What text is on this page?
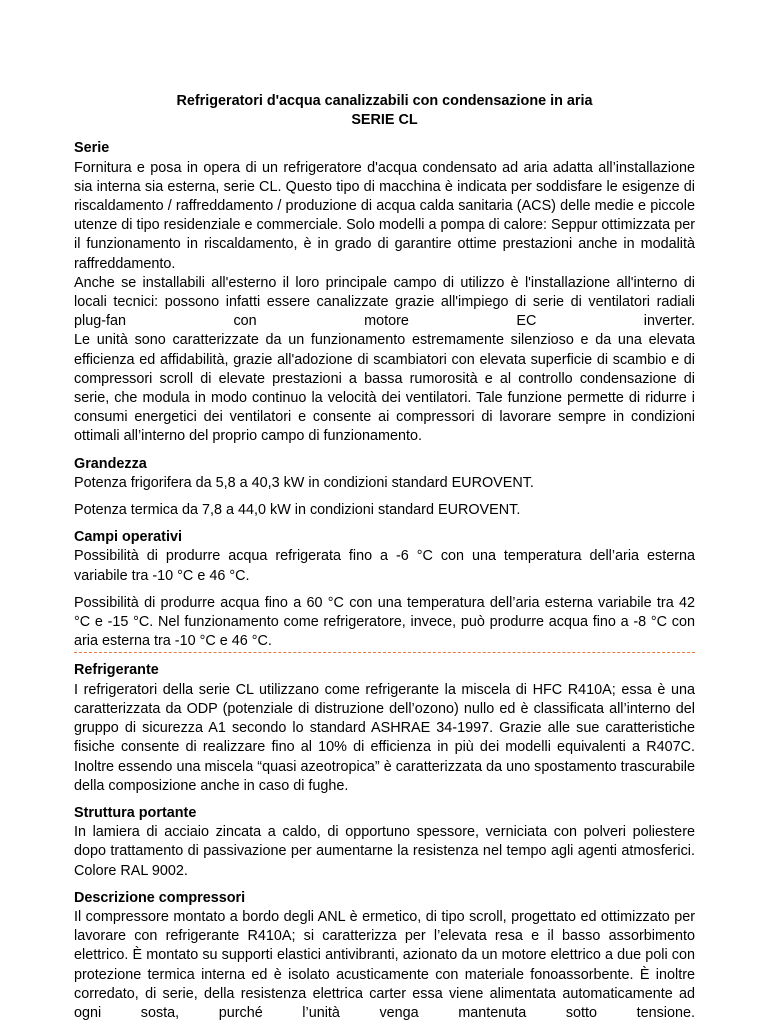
Refrigeratori d'acqua canalizzabili con condensazione in aria
SERIE CL
Serie

Fornitura e posa in opera di un refrigeratore d'acqua condensato ad aria adatta all’installazione sia interna sia esterna, serie CL. Questo tipo di macchina è indicata per soddisfare le esigenze di riscaldamento / raffreddamento / produzione di acqua calda sanitaria (ACS) delle medie e piccole utenze di tipo residenziale e commerciale. Solo modelli a pompa di calore: Seppur ottimizzata per il funzionamento in riscaldamento, è in grado di garantire ottime prestazioni anche in modalità raffreddamento.

Anche se installabili all'esterno il loro principale campo di utilizzo è l'installazione all'interno di locali tecnici: possono infatti essere canalizzate grazie all'impiego di serie di ventilatori radiali plug-fan con motore EC inverter.

Le unità sono caratterizzate da un funzionamento estremamente silenzioso e da una elevata efficienza ed affidabilità, grazie all'adozione di scambiatori con elevata superficie di scambio e di compressori scroll di elevate prestazioni a bassa rumorosità e al controllo condensazione di serie, che modula in modo continuo la velocità dei ventilatori. Tale funzione permette di ridurre i consumi energetici dei ventilatori e consente ai compressori di lavorare sempre in condizioni ottimali all’interno del proprio campo di funzionamento.

Grandezza

Potenza frigorifera da 5,8 a 40,3 kW in condizioni standard EUROVENT.

Potenza termica da 7,8 a 44,0 kW in condizioni standard EUROVENT.

Campi operativi

Possibilità di produrre acqua refrigerata fino a -6 °C con una temperatura dell’aria esterna variabile tra -10 °C e 46 °C.

Possibilità di produrre acqua fino a 60 °C con una temperatura dell’aria esterna variabile tra 42 °C e -15 °C. Nel funzionamento come refrigeratore, invece, può produrre acqua fino a -8 °C con aria esterna tra -10 °C e 46 °C.

Refrigerante

I refrigeratori della serie CL utilizzano come refrigerante la miscela di HFC R410A; essa è una caratterizzata da ODP (potenziale di distruzione dell’ozono) nullo ed è classificata all’interno del gruppo di sicurezza A1 secondo lo standard ASHRAE 34-1997. Grazie alle sue caratteristiche fisiche consente di realizzare fino al 10% di efficienza in più dei modelli equivalenti a R407C. Inoltre essendo una miscela “quasi azeotropica” è caratterizzata da uno spostamento trascurabile della composizione anche in caso di fughe.

Struttura portante

In lamiera di acciaio zincata a caldo, di opportuno spessore, verniciata con polveri poliestere dopo trattamento di passivazione per aumentarne la resistenza nel tempo agli agenti atmosferici. Colore RAL 9002.

Descrizione compressori

Il compressore montato a bordo degli ANL è ermetico, di tipo scroll, progettato ed ottimizzato per lavorare con refrigerante R410A; si caratterizza per l’elevata resa e il basso assorbimento elettrico. È montato su supporti elastici antivibranti, azionato da un motore elettrico a due poli con protezione termica interna ed è isolato acusticamente con materiale fonoassorbente. È inoltre corredato, di serie, della resistenza elettrica carter essa viene alimentata automaticamente ad ogni sosta, purché l’unità venga mantenuta sotto tensione.
